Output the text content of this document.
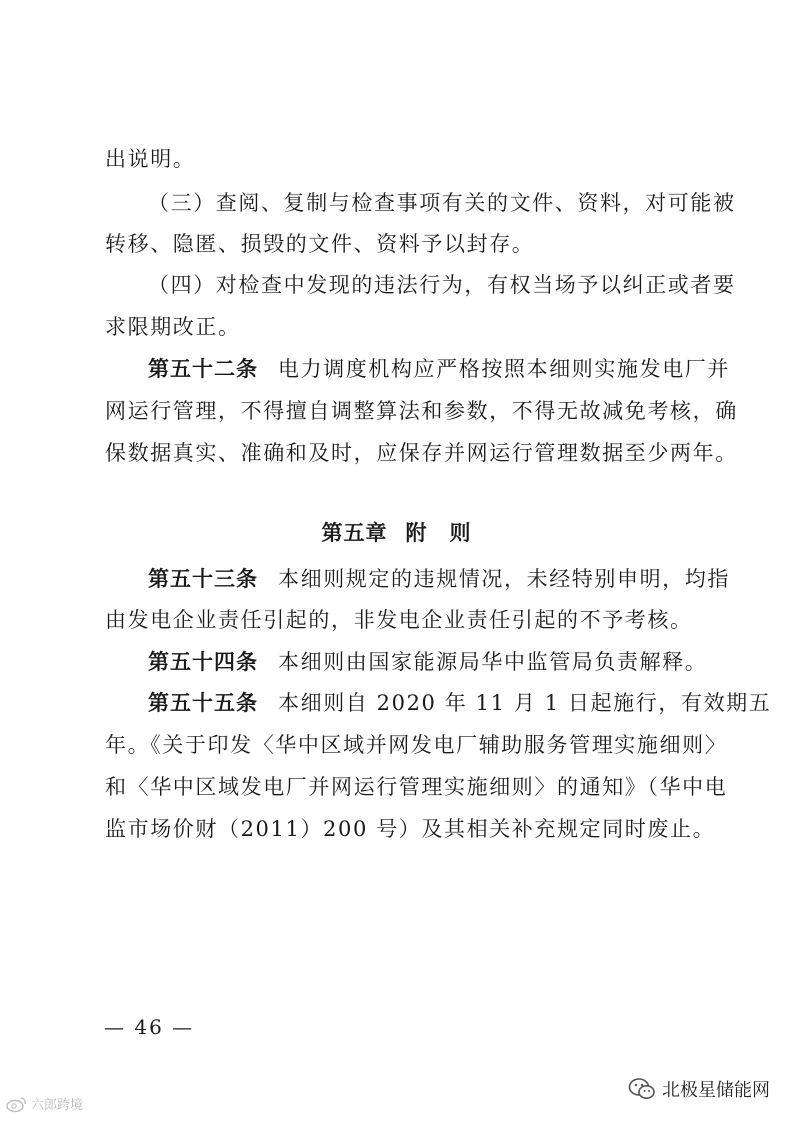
出说明。
（三）查阅、复制与检查事项有关的文件、资料，对可能被
转移、隐匿、损毁的文件、资料予以封存。
（四）对检查中发现的违法行为，有权当场予以纠正或者要
求限期改正。
第五十二条 电力调度机构应严格按照本细则实施发电厂并
网运行管理，不得擅自调整算法和参数，不得无故减免考核，确
保数据真实、准确和及时，应保存并网运行管理数据至少两年。
第五章 附　则
第五十三条 本细则规定的违规情况，未经特别申明，均指
由发电企业责任引起的，非发电企业责任引起的不予考核。
第五十四条 本细则由国家能源局华中监管局负责解释。
第五十五条 本细则自 2020 年 11 月 1 日起施行，有效期五
年。《关于印发〈华中区域并网发电厂辅助服务管理实施细则〉
和〈华中区域发电厂并网运行管理实施细则〉的通知》（华中电
监市场价财（2011）200 号）及其相关补充规定同时废止。
— 46 —
六郎跨境
北极星储能网
